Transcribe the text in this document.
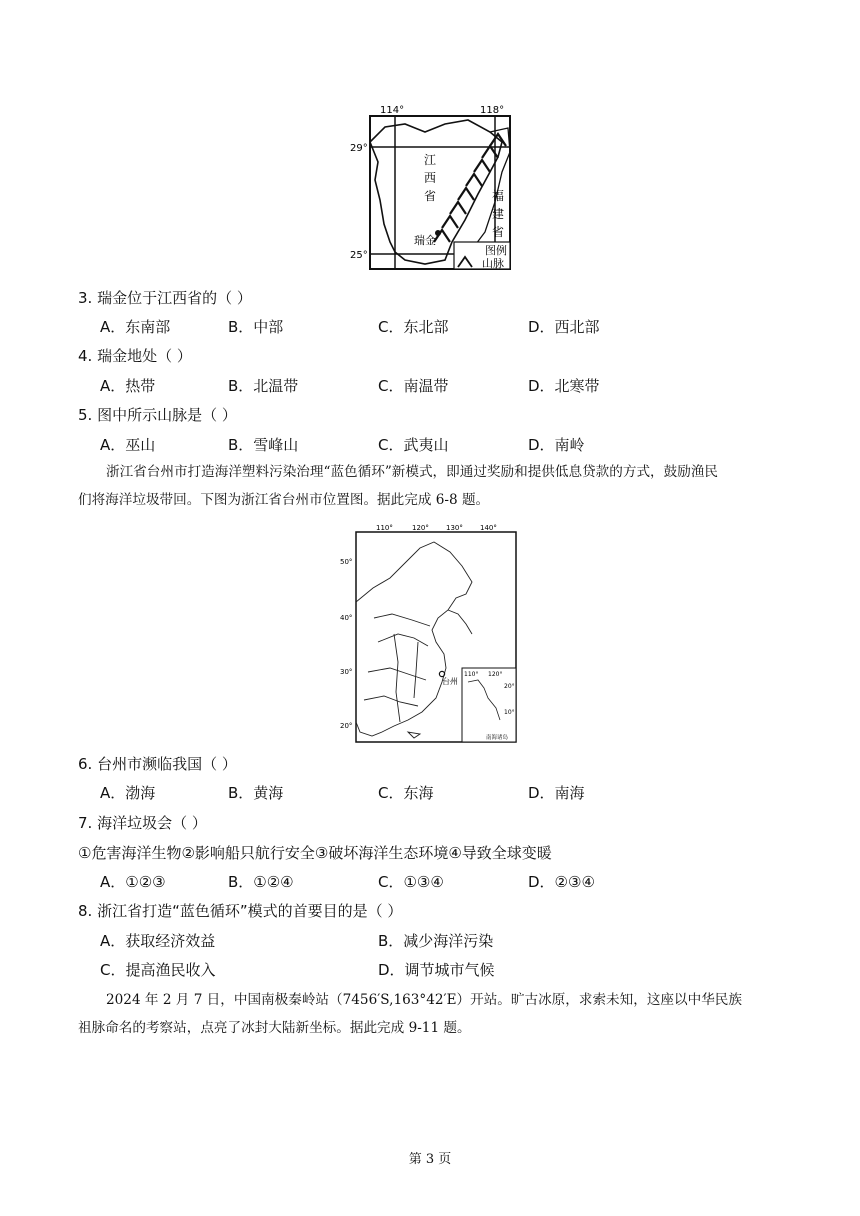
114°	118°
29°
25°
江
西
省	福
建
省
瑞金
图例
山脉
3. 瑞金位于江西省的（ ）
A．东南部	B．中部	C．东北部	D．西北部
4. 瑞金地处（ ）
A．热带	B．北温带	C．南温带	D．北寒带
5. 图中所示山脉是（ ）
A．巫山	B．雪峰山	C．武夷山	D．南岭
浙江省台州市打造海洋塑料污染治理“蓝色循环”新模式，即通过奖励和提供低息贷款的方式，鼓励渔民
们将海洋垃圾带回。下图为浙江省台州市位置图。据此完成 6-8 题。
110°	120° 130° 140°
50°
40°
30°
20°
台州
110° 120°
20°
10°
南海诸岛
6. 台州市濒临我国（ ）
A．渤海	B．黄海	C．东海	D．南海
7. 海洋垃圾会（ ）
①危害海洋生物②影响船只航行安全③破坏海洋生态环境④导致全球变暖
A．①②③	B．①②④	C．①③④	D．②③④
8. 浙江省打造“蓝色循环”模式的首要目的是（ ）
A．获取经济效益	B．减少海洋污染
C．提高渔民收入	D．调节城市气候
2024 年 2 月 7 日，中国南极秦岭站（7456′S,163°42′E）开站。旷古冰原，求索未知，这座以中华民族
祖脉命名的考察站，点亮了冰封大陆新坐标。据此完成 9-11 题。
第 3 页
